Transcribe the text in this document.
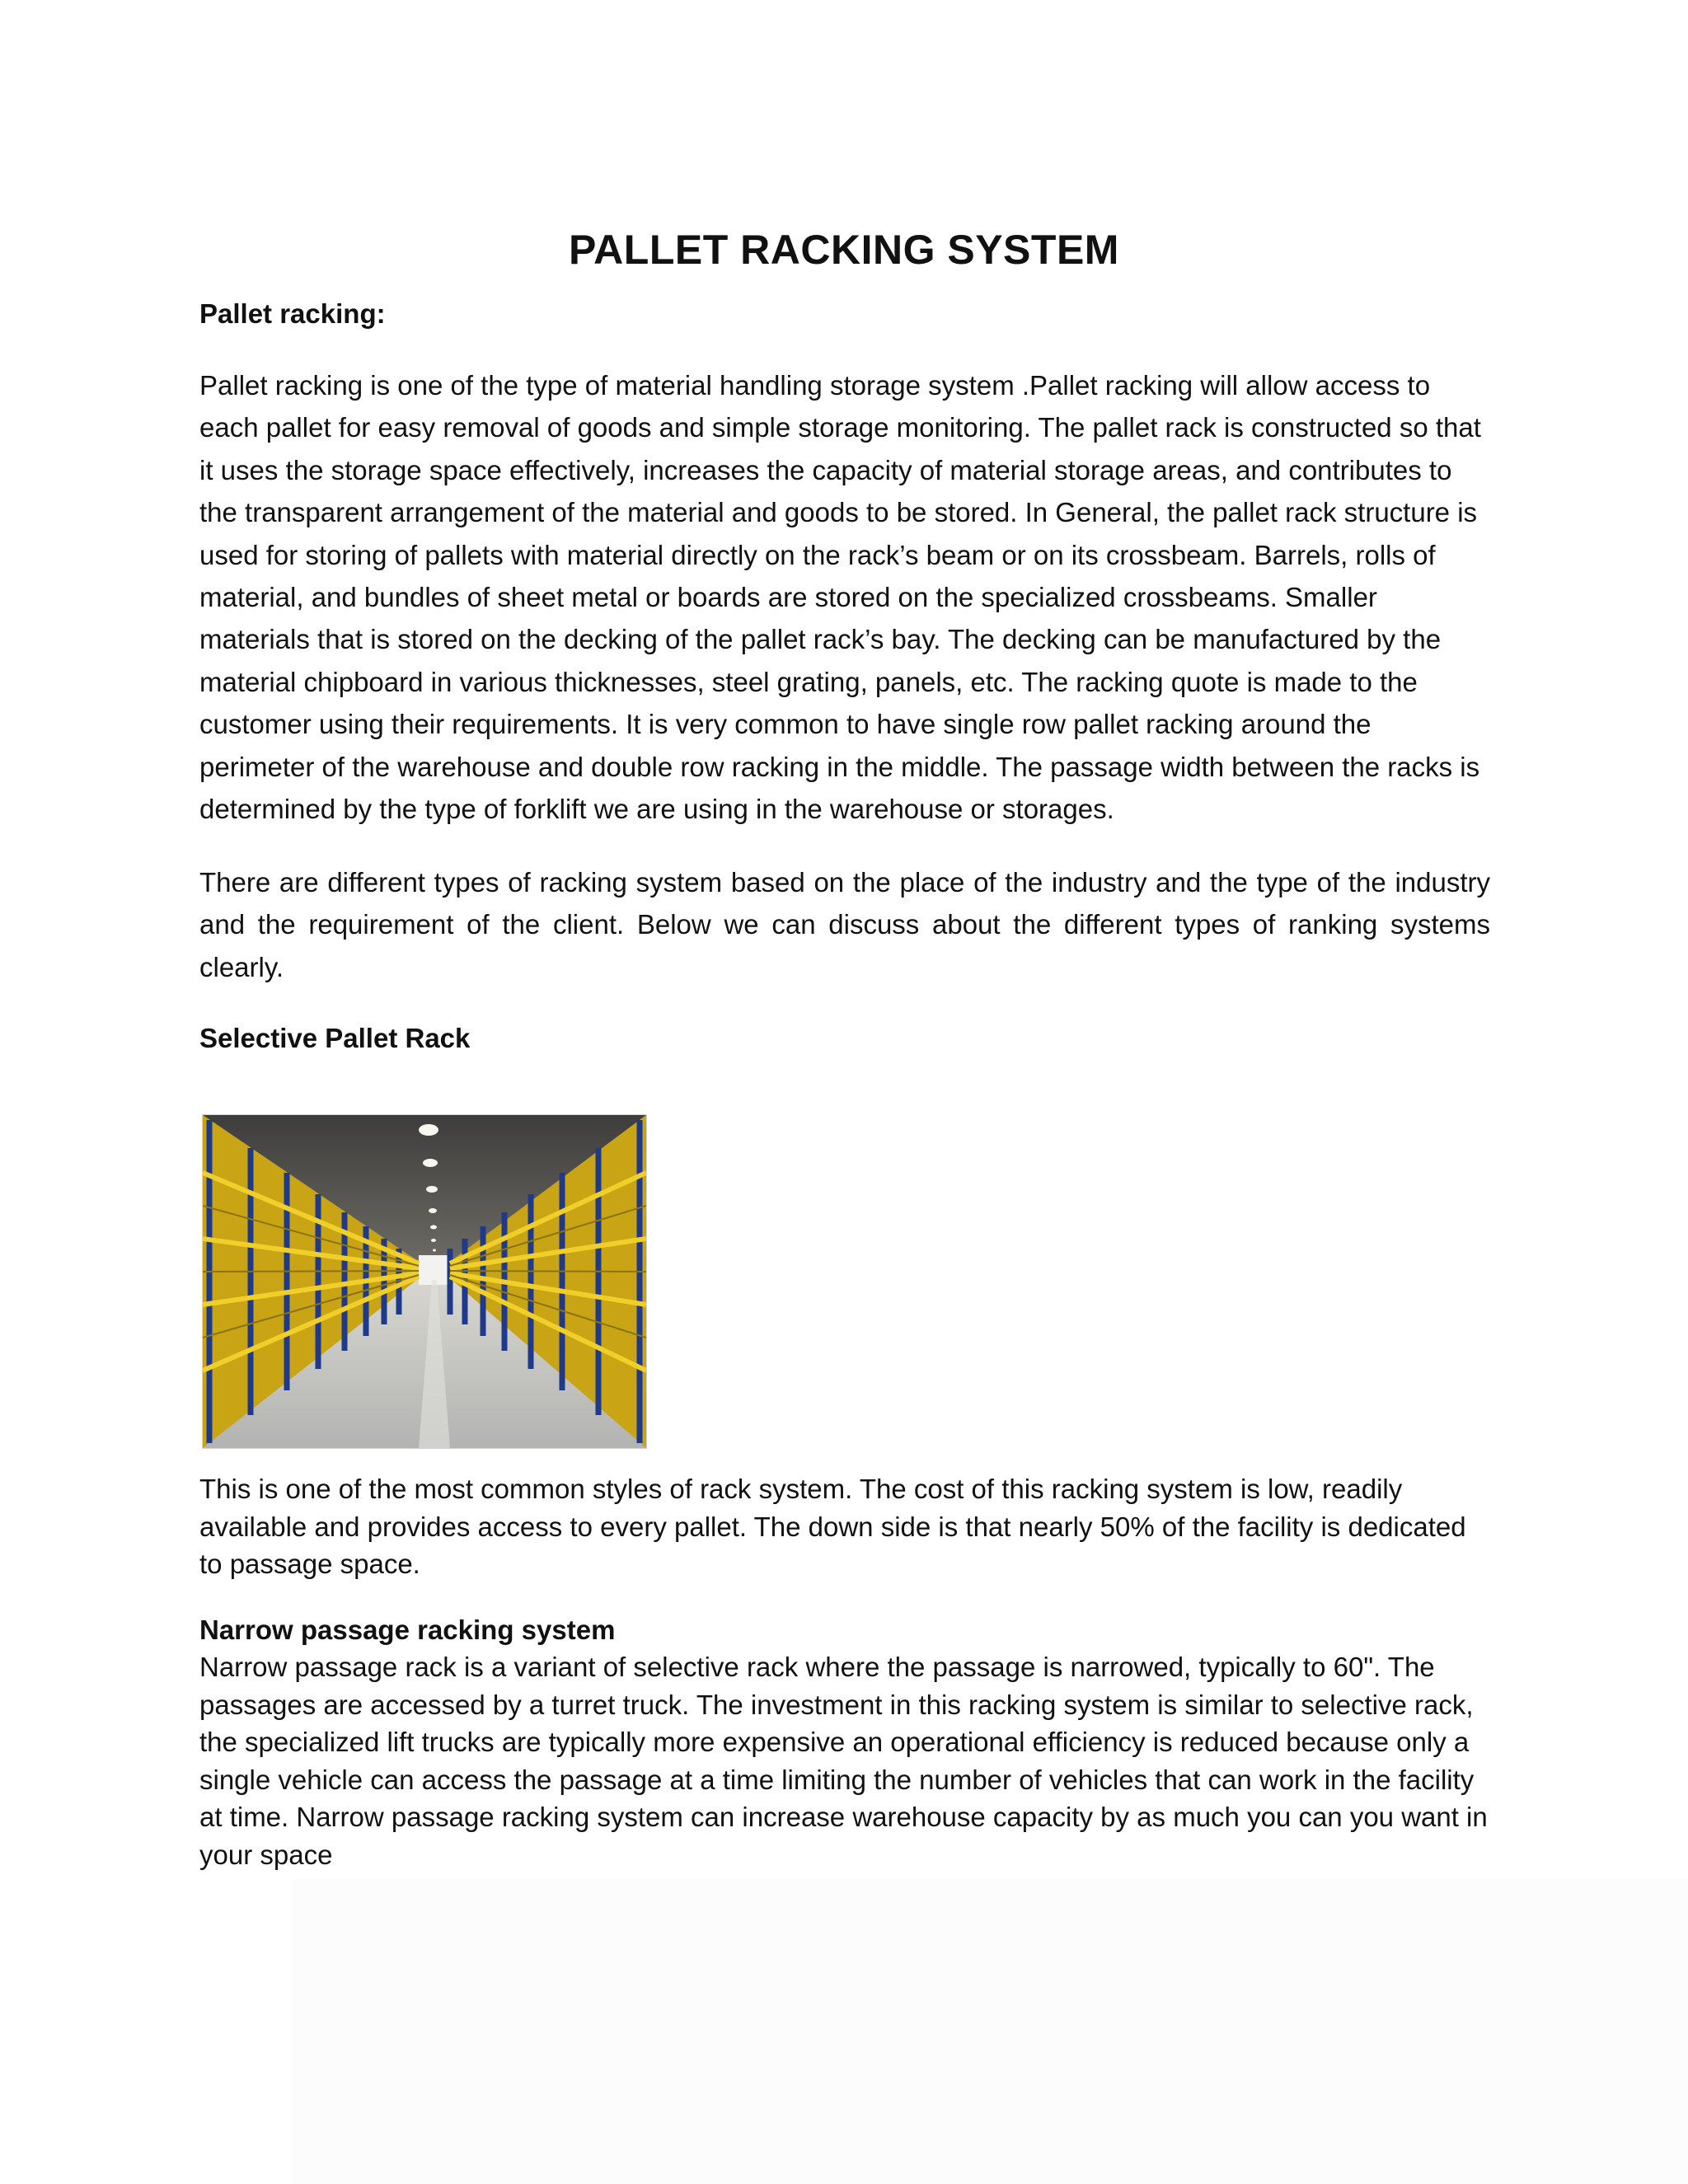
PALLET RACKING SYSTEM

Pallet racking:

Pallet racking is one of the type of material handling storage system .Pallet racking will allow access to each pallet for easy removal of goods and simple storage monitoring. The pallet rack is constructed so that it uses the storage space effectively, increases the capacity of material storage areas, and contributes to the transparent arrangement of the material and goods to be stored. In General, the pallet rack structure is used for storing of pallets with material directly on the rack’s beam or on its crossbeam. Barrels, rolls of material, and bundles of sheet metal or boards are stored on the specialized crossbeams. Smaller materials that is stored on the decking of the pallet rack’s bay. The decking can be manufactured by the material chipboard in various thicknesses, steel grating, panels, etc. The racking quote is made to the customer using their requirements. It is very common to have single row pallet racking around the perimeter of the warehouse and double row racking in the middle. The passage width between the racks is determined by the type of forklift we are using in the warehouse or storages.

There are different types of racking system based on the place of the industry and the type of the industry and the requirement of the client. Below we can discuss about the different types of ranking systems clearly.

Selective Pallet Rack

This is one of the most common styles of rack system. The cost of this racking system is low, readily available and provides access to every pallet. The down side is that nearly 50% of the facility is dedicated to passage space.

Narrow passage racking system

Narrow passage rack is a variant of selective rack where the passage is narrowed, typically to 60". The passages are accessed by a turret truck. The investment in this racking system is similar to selective rack, the specialized lift trucks are typically more expensive an operational efficiency is reduced because only a single vehicle can access the passage at a time limiting the number of vehicles that can work in the facility at time. Narrow passage racking system can increase warehouse capacity by as much you can you want in your space
